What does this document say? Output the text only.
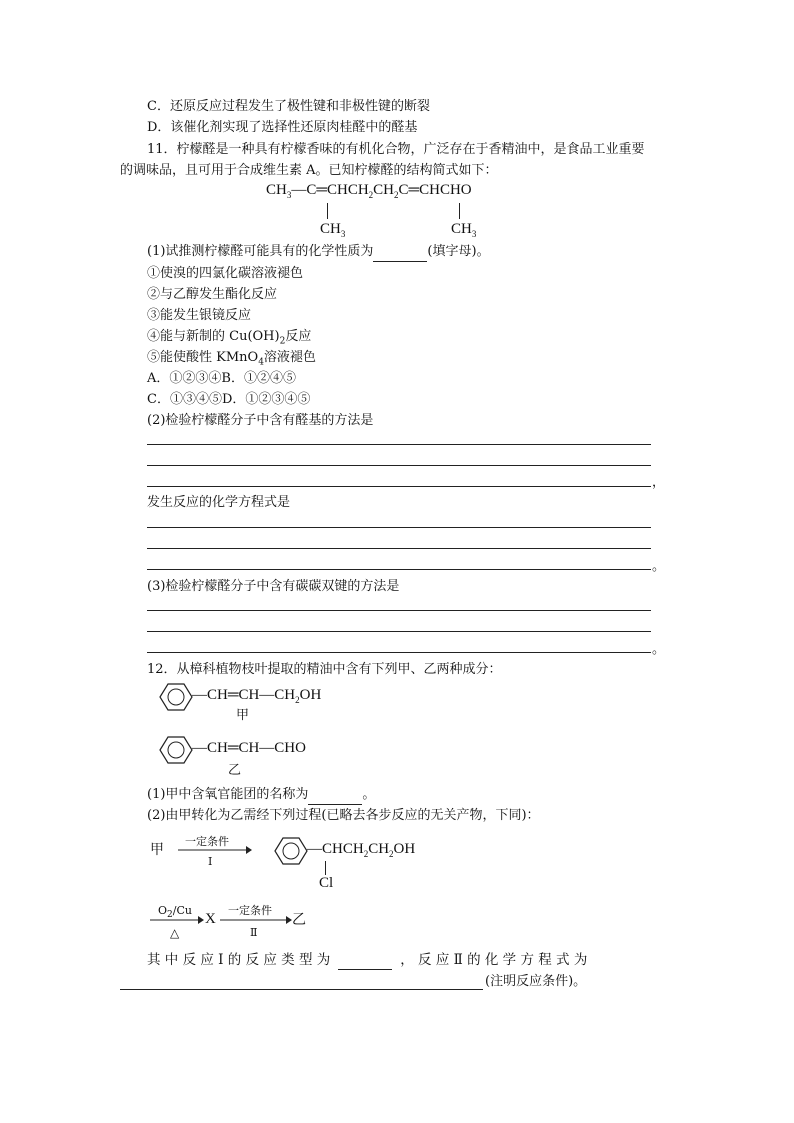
C．还原反应过程发生了极性键和非极性键的断裂
D．该催化剂实现了选择性还原肉桂醛中的醛基
11．柠檬醛是一种具有柠檬香味的有机化合物，广泛存在于香精油中，是食品工业重要
的调味品，且可用于合成维生素 A。已知柠檬醛的结构简式如下：
$CH_3—C═CHCH_2CH_2C═CHCHO$
$CH_3$	$CH_3$
(1)试推测柠檬醛可能具有的化学性质为	(填字母)。
①使溴的四氯化碳溶液褪色
②与乙醇发生酯化反应
③能发生银镜反应
④能与新制的 $Cu(OH)_2$反应
⑤能使酸性 KMnO$_4$溶液褪色
A．①②③④B．①②④⑤
C．①③④⑤D．①②③④⑤
(2)检验柠檬醛分子中含有醛基的方法是
，
发生反应的化学方程式是
。
(3)检验柠檬醛分子中含有碳碳双键的方法是
。
12．从樟科植物枝叶提取的精油中含有下列甲、乙两种成分：
$—CH═CH—CH_2OH$
甲
—CH═CH—CHO
乙
(1)甲中含氧官能团的名称为	。
(2)由甲转化为乙需经下列过程(已略去各步反应的无关产物，下同)：
甲
一定条件
Ⅰ
$—CHCH_2CH_2OH$
Cl
$O_2/Cu$
△
X
一定条件
Ⅱ
乙
其 中 反 应 Ⅰ 的 反 应 类 型 为	， 反 应 Ⅱ 的 化 学 方 程 式 为
(注明反应条件)。
